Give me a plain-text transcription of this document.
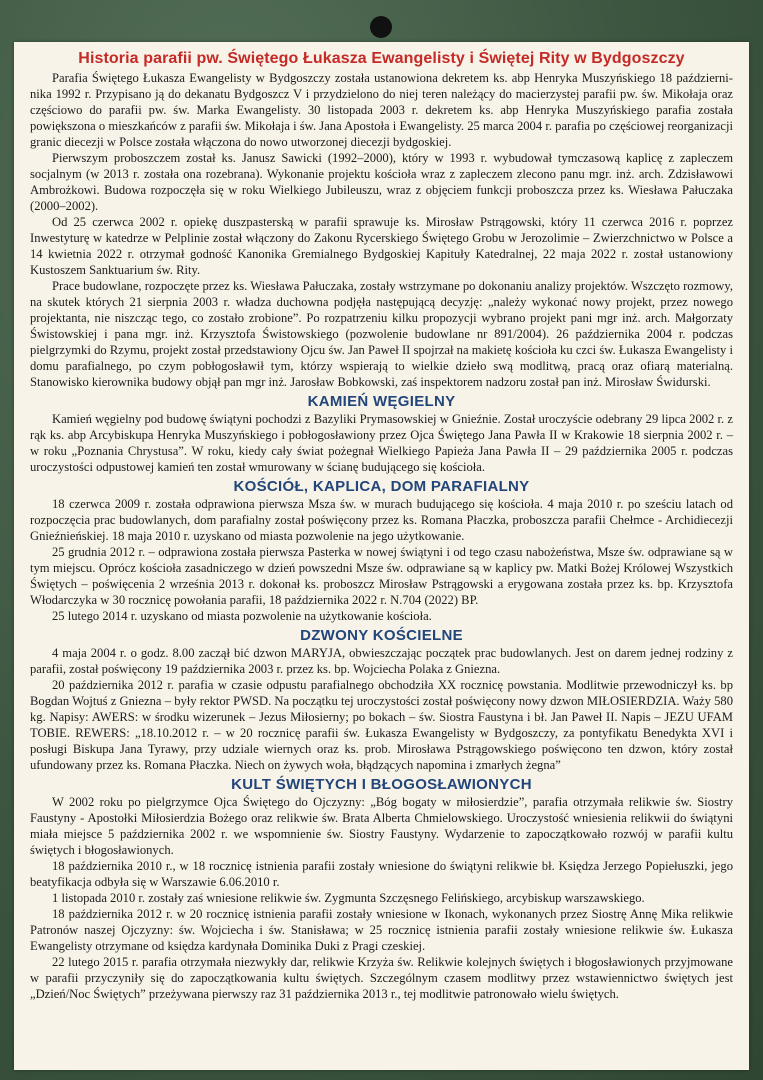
Historia parafii pw. Świętego Łukasza Ewangelisty i Świętej Rity w Bydgoszczy

Parafia Świętego Łukasza Ewangelisty w Bydgoszczy została ustanowiona dekretem ks. abp Henryka Muszyńskiego 18 październi-nika 1992 r. Przypisano ją do dekanatu Bydgoszcz V i przydzielono do niej teren należący do macierzystej parafii pw. św. Mikołaja oraz częściowo do parafii pw. św. Marka Ewangelisty. 30 listopada 2003 r. dekretem ks. abp Henryka Muszyńskiego parafia została powiększona o mieszkańców z parafii św. Mikołaja i św. Jana Apostoła i Ewangelisty. 25 marca 2004 r. parafia po częściowej reorganizacji granic diecezji w Polsce została włączona do nowo utworzonej diecezji bydgoskiej.

Pierwszym proboszczem został ks. Janusz Sawicki (1992–2000), który w 1993 r. wybudował tymczasową kaplicę z zapleczem socjalnym (w 2013 r. została ona rozebrana). Wykonanie projektu kościoła wraz z zapleczem zlecono panu mgr. inż. arch. Zdzisławowi Ambrożkowi. Budowa rozpoczęła się w roku Wielkiego Jubileuszu, wraz z objęciem funkcji proboszcza przez ks. Wiesława Pałuczaka (2000–2002).

Od 25 czerwca 2002 r. opiekę duszpasterską w parafii sprawuje ks. Mirosław Pstrągowski, który 11 czerwca 2016 r. poprzez Inwestyturę w katedrze w Pelplinie został włączony do Zakonu Rycerskiego Świętego Grobu w Jerozolimie – Zwierzchnictwo w Polsce a 14 kwietnia 2022 r. otrzymał godność Kanonika Gremialnego Bydgoskiej Kapituły Katedralnej, 22 maja 2022 r. został ustanowiony Kustoszem Sanktuarium św. Rity.

Prace budowlane, rozpoczęte przez ks. Wiesława Pałuczaka, zostały wstrzymane po dokonaniu analizy projektów. Wszczęto rozmowy, na skutek których 21 sierpnia 2003 r. władza duchowna podjęła następującą decyzję: „należy wykonać nowy projekt, przez nowego projektanta, nie niszcząc tego, co zostało zrobione”. Po rozpatrzeniu kilku propozycji wybrano projekt pani mgr inż. arch. Małgorzaty Świstowskiej i pana mgr. inż. Krzysztofa Świstowskiego (pozwolenie budowlane nr 891/2004). 26 października 2004 r. podczas pielgrzymki do Rzymu, projekt został przedstawiony Ojcu św. Jan Paweł II spojrzał na makietę kościoła ku czci św. Łukasza Ewangelisty i domu parafialnego, po czym pobłogosławił tym, którzy wspierają to wielkie dzieło swą modlitwą, pracą oraz ofiarą materialną. Stanowisko kierownika budowy objął pan mgr inż. Jarosław Bobkowski, zaś inspektorem nadzoru został pan inż. Mirosław Świdurski.

KAMIEŃ WĘGIELNY

Kamień węgielny pod budowę świątyni pochodzi z Bazyliki Prymasowskiej w Gnieźnie. Został uroczyście odebrany 29 lipca 2002 r. z rąk ks. abp Arcybiskupa Henryka Muszyńskiego i pobłogosławiony przez Ojca Świętego Jana Pawła II w Krakowie 18 sierpnia 2002 r. – w roku „Poznania Chrystusa”. W roku, kiedy cały świat pożegnał Wielkiego Papieża Jana Pawła II – 29 października 2005 r. podczas uroczystości odpustowej kamień ten został wmurowany w ścianę budującego się kościoła.

KOŚCIÓŁ, KAPLICA, DOM PARAFIALNY

18 czerwca 2009 r. została odprawiona pierwsza Msza św. w murach budującego się kościoła. 4 maja 2010 r. po sześciu latach od rozpoczęcia prac budowlanych, dom parafialny został poświęcony przez ks. Romana Płaczka, proboszcza parafii Chełmce - Archidiecezji Gnieźnieńskiej. 18 maja 2010 r. uzyskano od miasta pozwolenie na jego użytkowanie.

25 grudnia 2012 r. – odprawiona została pierwsza Pasterka w nowej świątyni i od tego czasu nabożeństwa, Msze św. odprawiane są w tym miejscu. Oprócz kościoła zasadniczego w dzień powszedni Msze św. odprawiane są w kaplicy pw. Matki Bożej Królowej Wszystkich Świętych – poświęcenia 2 września 2013 r. dokonał ks. proboszcz Mirosław Pstrągowski a erygowana została przez ks. bp. Krzysztofa Włodarczyka w 30 rocznicę powołania parafii, 18 października 2022 r. N.704 (2022) BP.

25 lutego 2014 r. uzyskano od miasta pozwolenie na użytkowanie kościoła.

DZWONY KOŚCIELNE

4 maja 2004 r. o godz. 8.00 zaczął bić dzwon MARYJA, obwieszczając początek prac budowlanych. Jest on darem jednej rodziny z parafii, został poświęcony 19 października 2003 r. przez ks. bp. Wojciecha Polaka z Gniezna.

20 października 2012 r. parafia w czasie odpustu parafialnego obchodziła XX rocznicę powstania. Modlitwie przewodniczył ks. bp Bogdan Wojtuś z Gniezna – były rektor PWSD. Na początku tej uroczystości został poświęcony nowy dzwon MIŁOSIERDZIA. Waży 580 kg. Napisy: AWERS: w środku wizerunek – Jezus Miłosierny; po bokach – św. Siostra Faustyna i bł. Jan Paweł II. Napis – JEZU UFAM TOBIE. REWERS: „18.10.2012 r. – w 20 rocznicę parafii św. Łukasza Ewangelisty w Bydgoszczy, za pontyfikatu Benedykta XVI i posługi Biskupa Jana Tyrawy, przy udziale wiernych oraz ks. prob. Mirosława Pstrągowskiego poświęcono ten dzwon, który został ufundowany przez ks. Romana Płaczka. Niech on żywych woła, błądzących napomina i zmarłych żegna”

KULT ŚWIĘTYCH I BŁOGOSŁAWIONYCH

W 2002 roku po pielgrzymce Ojca Świętego do Ojczyzny: „Bóg bogaty w miłosierdzie”, parafia otrzymała relikwie św. Siostry Faustyny - Apostołki Miłosierdzia Bożego oraz relikwie św. Brata Alberta Chmielowskiego. Uroczystość wniesienia relikwii do świątyni miała miejsce 5 października 2002 r. we wspomnienie św. Siostry Faustyny. Wydarzenie to zapoczątkowało rozwój w parafii kultu świętych i błogosławionych.

18 października 2010 r., w 18 rocznicę istnienia parafii zostały wniesione do świątyni relikwie bł. Księdza Jerzego Popiełuszki, jego beatyfikacja odbyła się w Warszawie 6.06.2010 r.

1 listopada 2010 r. zostały zaś wniesione relikwie św. Zygmunta Szczęsnego Felińskiego, arcybiskup warszawskiego.

18 października 2012 r. w 20 rocznicę istnienia parafii zostały wniesione w Ikonach, wykonanych przez Siostrę Annę Mika relikwie Patronów naszej Ojczyzny: św. Wojciecha i św. Stanisława; w 25 rocznicę istnienia parafii zostały wniesione relikwie św. Łukasza Ewangelisty otrzymane od księdza kardynała Dominika Duki z Pragi czeskiej.

22 lutego 2015 r. parafia otrzymała niezwykły dar, relikwie Krzyża św. Relikwie kolejnych świętych i błogosławionych przyjmowane w parafii przyczyniły się do zapoczątkowania kultu świętych. Szczególnym czasem modlitwy przez wstawiennictwo świętych jest „Dzień/Noc Świętych” przeżywana pierwszy raz 31 października 2013 r., tej modlitwie patronowało wielu świętych.
